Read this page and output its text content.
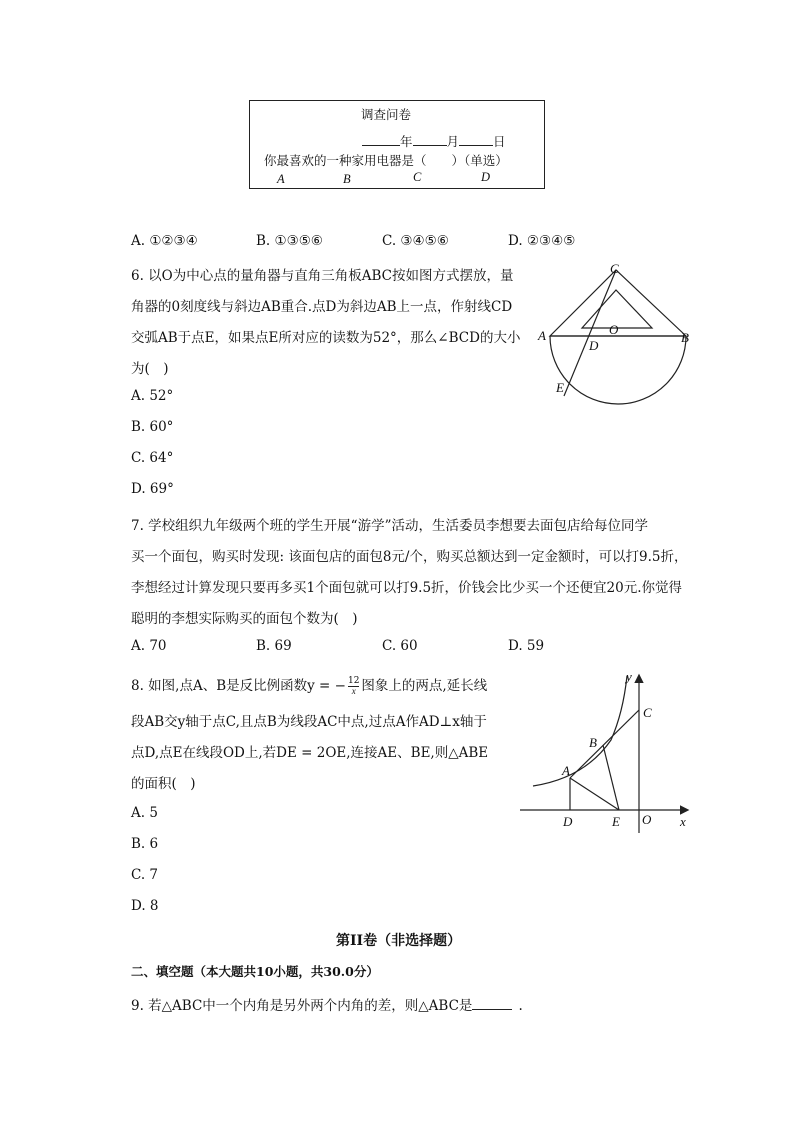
调查问卷
年	月	日
你最喜欢的一种家用电器是（　　）（单选）
A	B	C	D
A. ①②③④	B. ①③⑤⑥	C. ③④⑤⑥	D. ②③④⑤
6. 以O为中心点的量角器与直角三角板ABC按如图方式摆放，量
角器的0刻度线与斜边AB重合.点D为斜边AB上一点，作射线CD
交弧AB于点E，如果点E所对应的读数为52°，那么∠BCD的大小
为(　)
A. 52°
B. 60°
C. 64°
D. 69°
C
A	O
B
D
E
7. 学校组织九年级两个班的学生开展“游学”活动，生活委员李想要去面包店给每位同学
买一个面包，购买时发现: 该面包店的面包8元/个，购买总额达到一定金额时，可以打9.5折，
李想经过计算发现只要再多买1个面包就可以打9.5折，价钱会比少买一个还便宜20元.你觉得
聪明的李想实际购买的面包个数为(　)
A. 70	B. 69	C. 60	D. 59
8. 如图,点A、B是反比例函数y = − $\frac{12}{x}$ 图象上的两点,延长线
段AB交y轴于点C,且点B为线段AC中点,过点A作AD⊥x轴于
点D,点E在线段OD上,若DE = 2OE,连接AE、BE,则△ABE
的面积(　)
A. 5
B. 6
C. 7
D. 8
y
C
B
A
D	E O x
第II卷（非选择题）
二、填空题（本大题共10小题，共30.0分）
9. 若△ABC中一个内角是另外两个内角的差，则△ABC是	.
